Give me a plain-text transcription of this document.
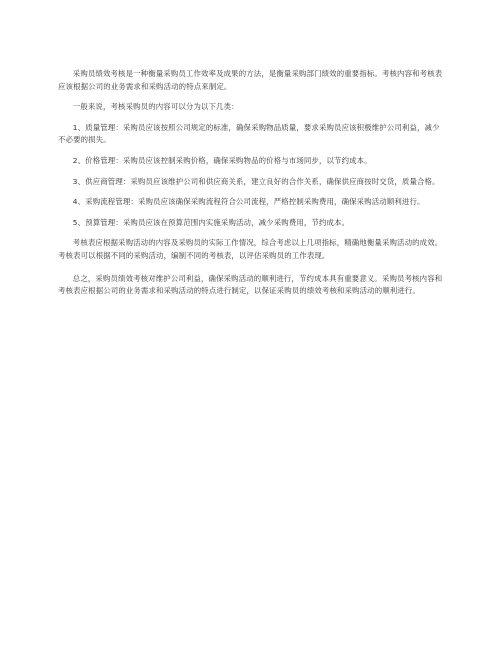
采购员绩效考核是一种衡量采购员工作效率及成果的方法，是衡量采购部门绩效的重要指标。考核内容和考核表应该根据公司的业务需求和采购活动的特点来制定。

一般来说，考核采购员的内容可以分为以下几类：

1、质量管理：采购员应该按照公司规定的标准，确保采购物品质量，要求采购员应该积极维护公司利益，减少不必要的损失。

2、价格管理：采购员应该控制采购价格，确保采购物品的价格与市场同步，以节约成本。

3、供应商管理：采购员应该维护公司和供应商关系，建立良好的合作关系，确保供应商按时交货，质量合格。

4、采购流程管理：采购员应该确保采购流程符合公司流程，严格控制采购费用，确保采购活动顺利进行。

5、预算管理：采购员应该在预算范围内实施采购活动，减少采购费用，节约成本。

考核表应根据采购活动的内容及采购员的实际工作情况，综合考虑以上几项指标，精确地衡量采购活动的成效。考核表可以根据不同的采购活动，编制不同的考核表，以评估采购员的工作表现。

总之，采购员绩效考核对维护公司利益，确保采购活动的顺利进行，节约成本具有重要意义。采购员考核内容和考核表应根据公司的业务需求和采购活动的特点进行制定，以保证采购员的绩效考核和采购活动的顺利进行。
